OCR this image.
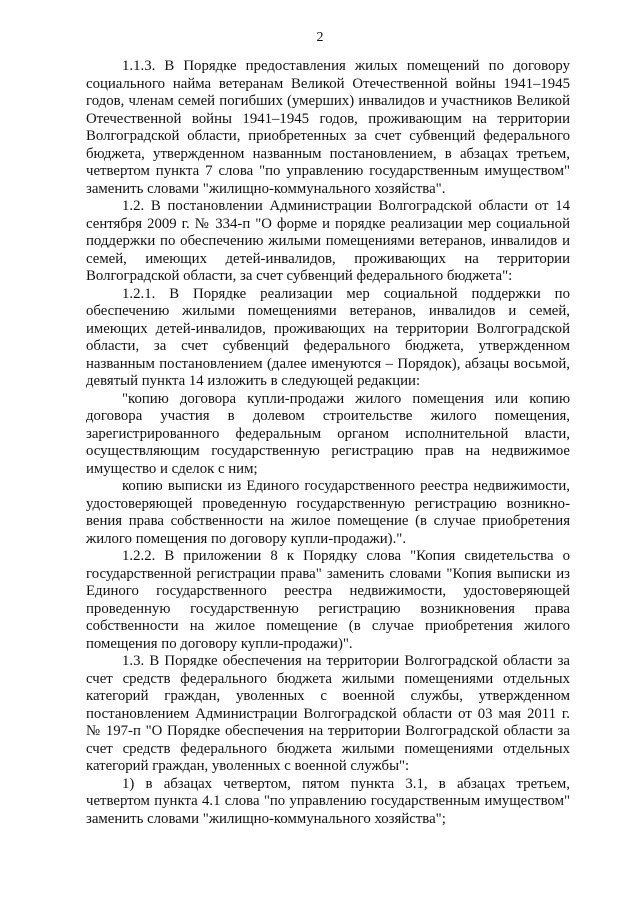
2

1.1.3. В Порядке предоставления жилых помещений по договору социального найма ветеранам Великой Отечественной войны 1941–1945 годов, членам семей погибших (умерших) инвалидов и участников Великой Отечественной войны 1941–1945 годов, проживающим на территории Волгоградской области, приобретенных за счет субвенций федерального бюджета, утвержденном названным постановлением, в абзацах третьем, четвертом пункта 7 слова "по управлению государственным имуществом" заменить словами "жилищно-коммунального хозяйства".

1.2. В постановлении Администрации Волгоградской области от 14 сентября 2009 г. № 334-п "О форме и порядке реализации мер социальной поддержки по обеспечению жилыми помещениями ветеранов, инвалидов и семей, имеющих детей-инвалидов, проживающих на территории Волгоградской области, за счет субвенций федерального бюджета":

1.2.1. В Порядке реализации мер социальной поддержки по обеспечению жилыми помещениями ветеранов, инвалидов и семей, имеющих детей-инвалидов, проживающих на территории Волгоградской области, за счет субвенций федерального бюджета, утвержденном названным постановлением (далее именуются – Порядок), абзацы восьмой, девятый пункта 14 изложить в следующей редакции:

"копию договора купли-продажи жилого помещения или копию договора участия в долевом строительстве жилого помещения, зарегистрированного федеральным органом исполнительной власти, осуществляющим государственную регистрацию прав на недвижимое имущество и сделок с ним;

копию выписки из Единого государственного реестра недвижимости, удостоверяющей проведенную государственную регистрацию возникновения права собственности на жилое помещение (в случае приобретения жилого помещения по договору купли-продажи).".

1.2.2. В приложении 8 к Порядку слова "Копия свидетельства о государственной регистрации права" заменить словами "Копия выписки из Единого государственного реестра недвижимости, удостоверяющей проведенную государственную регистрацию возникновения права собственности на жилое помещение (в случае приобретения жилого помещения по договору купли-продажи)".

1.3. В Порядке обеспечения на территории Волгоградской области за счет средств федерального бюджета жилыми помещениями отдельных категорий граждан, уволенных с военной службы, утвержденном постановлением Администрации Волгоградской области от 03 мая 2011 г. № 197-п "О Порядке обеспечения на территории Волгоградской области за счет средств федерального бюджета жилыми помещениями отдельных категорий граждан, уволенных с военной службы":

1) в абзацах четвертом, пятом пункта 3.1, в абзацах третьем, четвертом пункта 4.1 слова "по управлению государственным имуществом" заменить словами "жилищно-коммунального хозяйства";
